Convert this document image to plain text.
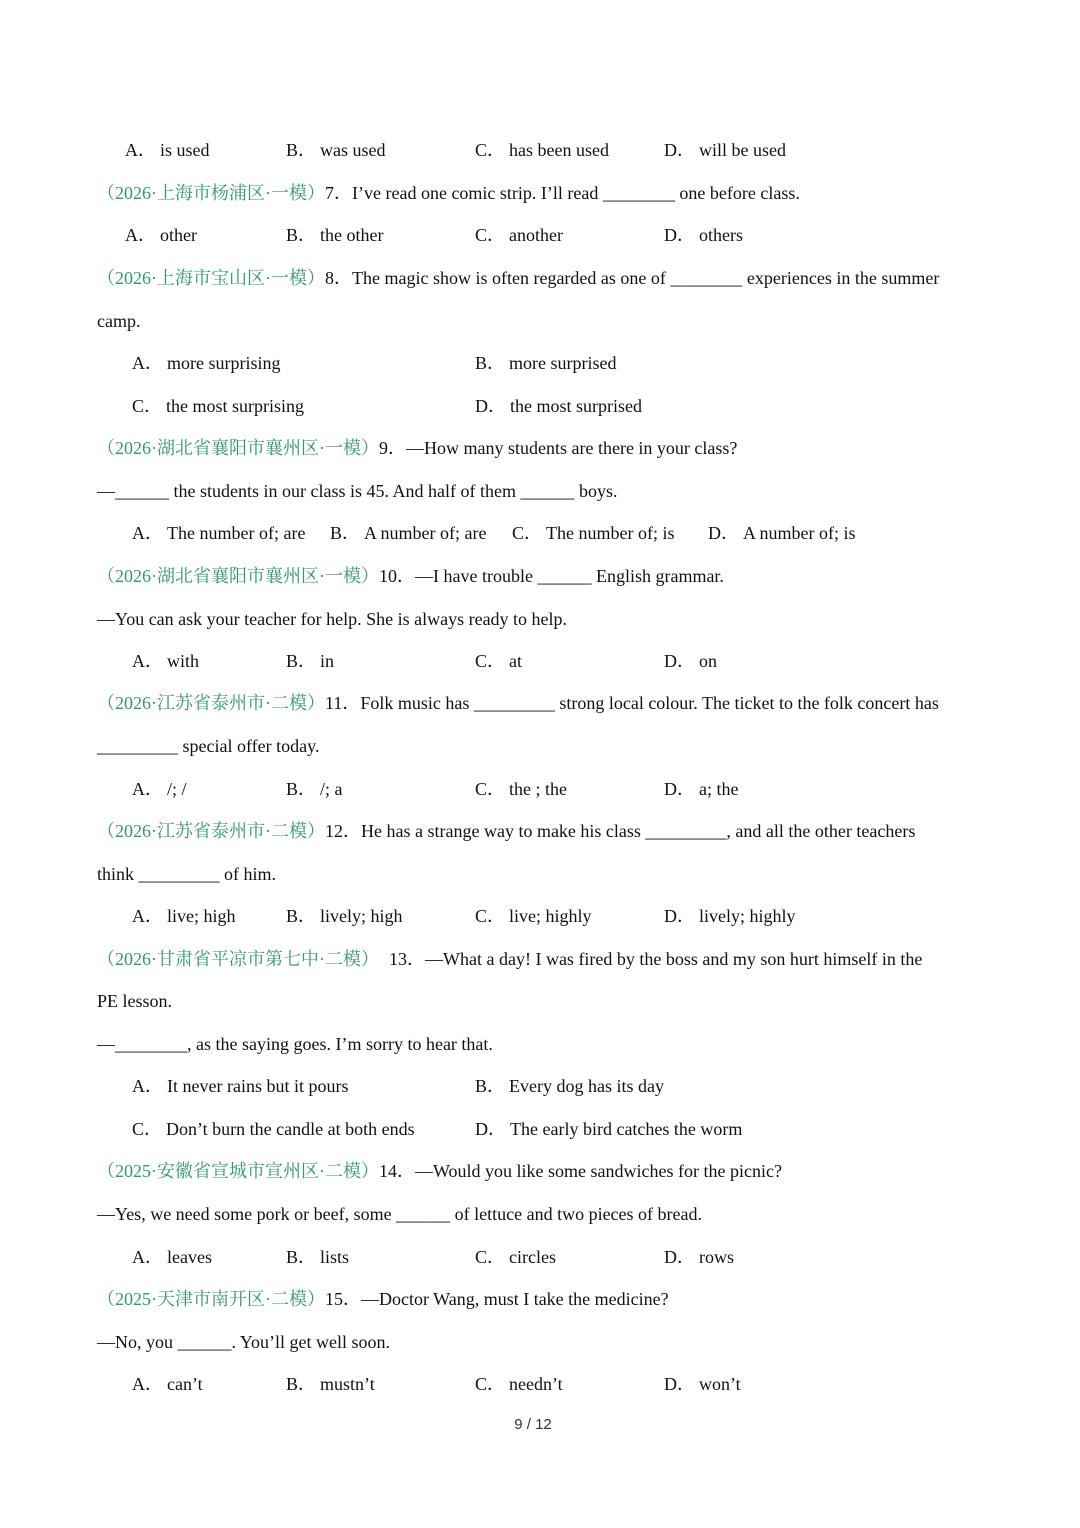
A． is used	B． was used	C． has been used	D． will be used
（2026·上海市杨浦区·一模）7．I’ve read one comic strip. I’ll read ________ one before class.
A． other	B． the other	C． another	D． others
（2026·上海市宝山区·一模）8．The magic show is often regarded as one of ________ experiences in the summer
camp.
A． more surprising	B． more surprised
C． the most surprising	D． the most surprised
（2026·湖北省襄阳市襄州区·一模）9．—How many students are there in your class?
—______ the students in our class is 45. And half of them ______ boys.
A． The number of; are B． A number of; are C． The number of; is D． A number of; is
（2026·湖北省襄阳市襄州区·一模）10．—I have trouble ______ English grammar.
—You can ask your teacher for help. She is always ready to help.
A． with	B． in	C． at	D． on
（2026·江苏省泰州市·二模）11．Folk music has _________ strong local colour. The ticket to the folk concert has
_________ special offer today.
A． /; /	B． /; a	C． the ; the	D． a; the
（2026·江苏省泰州市·二模）12．He has a strange way to make his class _________, and all the other teachers
think _________ of him.
A． live; high	B． lively; high	C． live; highly	D． lively; highly
（2026·甘肃省平凉市第七中·二模） 13．—What a day! I was fired by the boss and my son hurt himself in the
PE lesson.
—________, as the saying goes. I’m sorry to hear that.
A． It never rains but it pours	B． Every dog has its day
C． Don’t burn the candle at both ends	D． The early bird catches the worm
（2025·安徽省宣城市宣州区·二模）14．—Would you like some sandwiches for the picnic?
—Yes, we need some pork or beef, some ______ of lettuce and two pieces of bread.
A． leaves	B． lists	C． circles	D． rows
（2025·天津市南开区·二模）15．—Doctor Wang, must I take the medicine?
—No, you ______. You’ll get well soon.
A． can’t	B． mustn’t	C． needn’t	D． won’t
9 / 12
